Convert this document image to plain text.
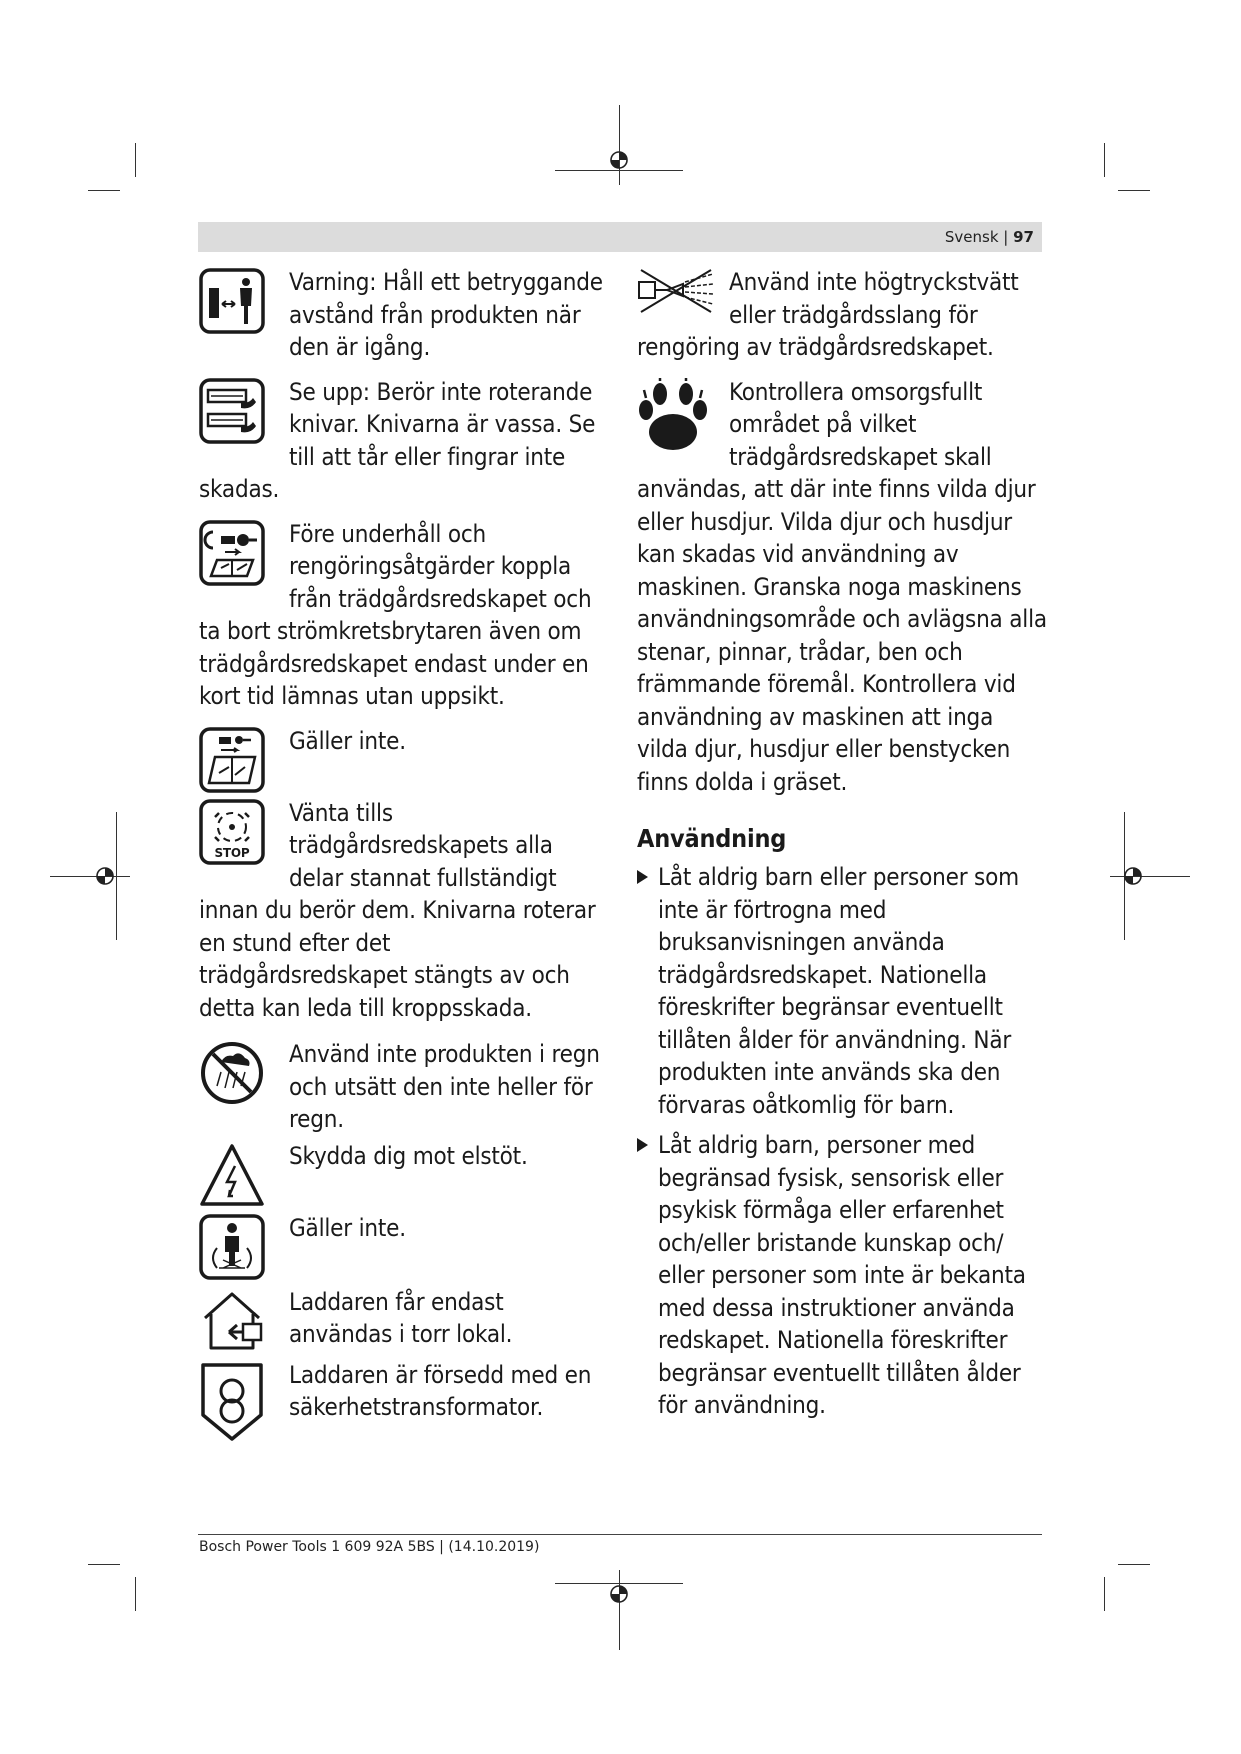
Svensk | 97

Varning: Håll ett betryggande avstånd från produkten när den är igång.

Se upp: Berör inte roterande knivar. Knivarna är vassa. Se till att tår eller fingrar inte skadas.

Före underhåll och rengöringsåtgärder koppla från trädgårdsredskapet och ta bort strömkretsbrytaren även om trädgårdsredskapet endast under en kort tid lämnas utan uppsikt.

Gäller inte.

STOP
Vänta tills trädgårdsredskapets alla delar stannat fullständigt innan du berör dem. Knivarna roterar en stund efter det trädgårdsredskapet stängts av och detta kan leda till kroppsskada.

Använd inte produkten i regn och utsätt den inte heller för regn.

Skydda dig mot elstöt.

Gäller inte.

Laddaren får endast användas i torr lokal.

Laddaren är försedd med en säkerhetstransformator.

Använd inte högtryckstvätt eller trädgårdsslang för rengöring av trädgårdsredskapet.

Kontrollera omsorgsfullt området på vilket trädgårdsredskapet skall användas, att där inte finns vilda djur eller husdjur. Vilda djur och husdjur kan skadas vid användning av maskinen. Granska noga maskinens användningsområde och avlägsna alla stenar, pinnar, trådar, ben och främmande föremål. Kontrollera vid användning av maskinen att inga vilda djur, husdjur eller benstycken finns dolda i gräset.

Användning

Låt aldrig barn eller personer som inte är förtrogna med bruksanvisningen använda trädgårdsredskapet. Nationella föreskrifter begränsar eventuellt tillåten ålder för användning. När produkten inte används ska den förvaras oåtkomlig för barn.

Låt aldrig barn, personer med begränsad fysisk, sensorisk eller psykisk förmåga eller erfarenhet och/eller bristande kunskap och/ eller personer som inte är bekanta med dessa instruktioner använda redskapet. Nationella föreskrifter begränsar eventuellt tillåten ålder för användning.

Bosch Power Tools 1 609 92A 5BS | (14.10.2019)
